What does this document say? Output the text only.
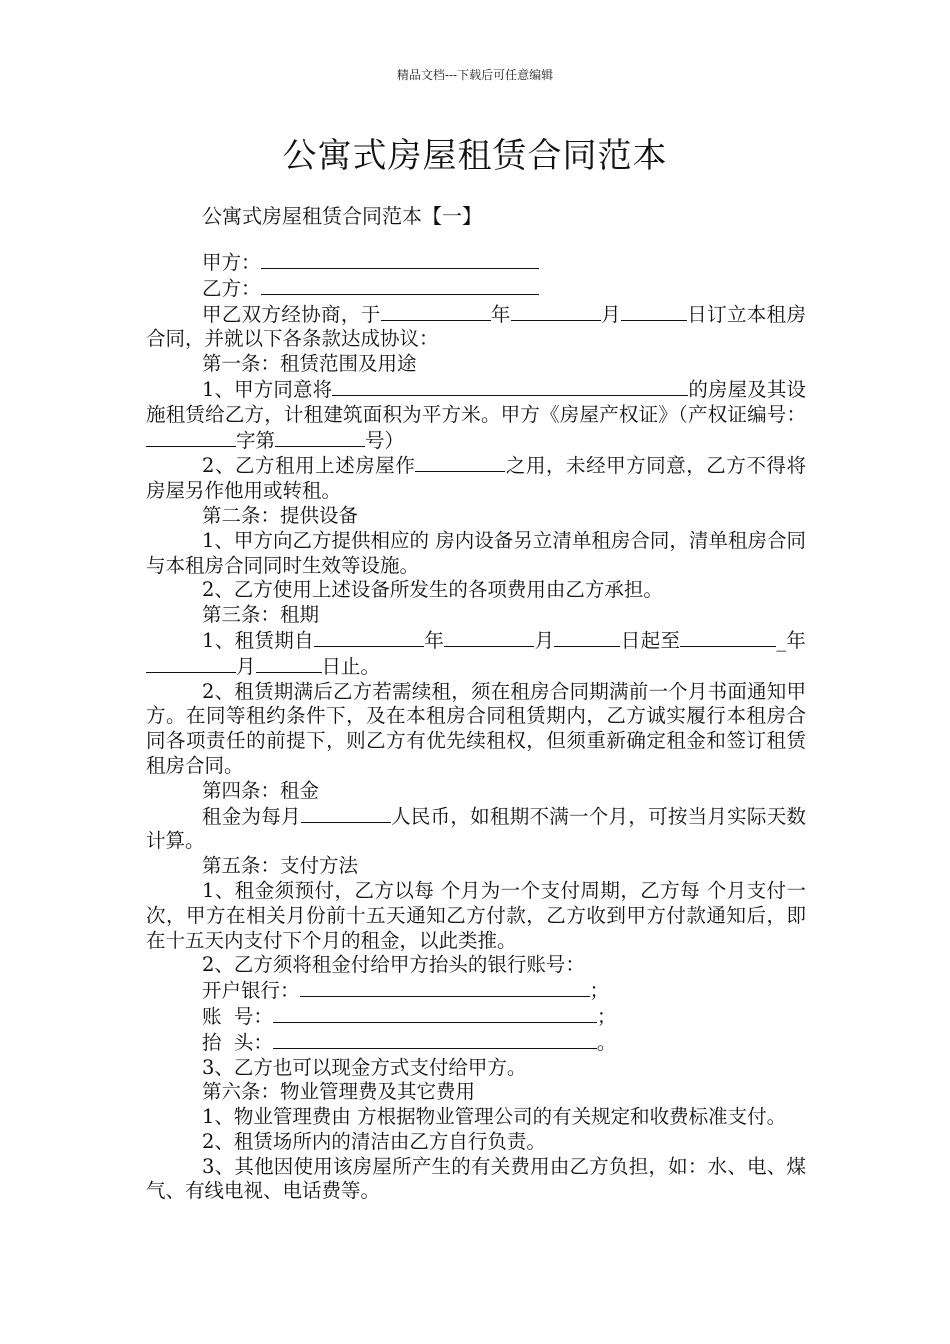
精品文档---下载后可任意编辑
公寓式房屋租赁合同范本
公寓式房屋租赁合同范本【一】

甲方：

乙方：

甲乙双方经协商，于	年	月	日订立本租房合同，并就以下各条款达成协议：

第一条：租赁范围及用途

1、甲方同意将	的房屋及其设施租赁给乙方，计租建筑面积为平方米。甲方《房屋产权证》（产权证编号：字第	号）

2、乙方租用上述房屋作	之用，未经甲方同意，乙方不得将房屋另作他用或转租。

第二条：提供设备

1、甲方向乙方提供相应的 房内设备另立清单租房合同，清单租房合同与本租房合同同时生效等设施。

2、乙方使用上述设备所发生的各项费用由乙方承担。

第三条：租期

1、租赁期自	年	月	日起至	_年月	日止。

2、租赁期满后乙方若需续租，须在租房合同期满前一个月书面通知甲方。在同等租约条件下，及在本租房合同租赁期内，乙方诚实履行本租房合同各项责任的前提下，则乙方有优先续租权，但须重新确定租金和签订租赁租房合同。

第四条：租金

租金为每月	人民币，如租期不满一个月，可按当月实际天数计算。

第五条：支付方法

1、租金须预付，乙方以每 个月为一个支付周期，乙方每 个月支付一次，甲方在相关月份前十五天通知乙方付款，乙方收到甲方付款通知后，即在十五天内支付下个月的租金，以此类推。

2、乙方须将租金付给甲方抬头的银行账号：

开户银行：	；

账  号：	；

抬  头：	。

3、乙方也可以现金方式支付给甲方。

第六条：物业管理费及其它费用

1、物业管理费由 方根据物业管理公司的有关规定和收费标准支付。

2、租赁场所内的清洁由乙方自行负责。

3、其他因使用该房屋所产生的有关费用由乙方负担，如：水、电、煤气、有线电视、电话费等。
